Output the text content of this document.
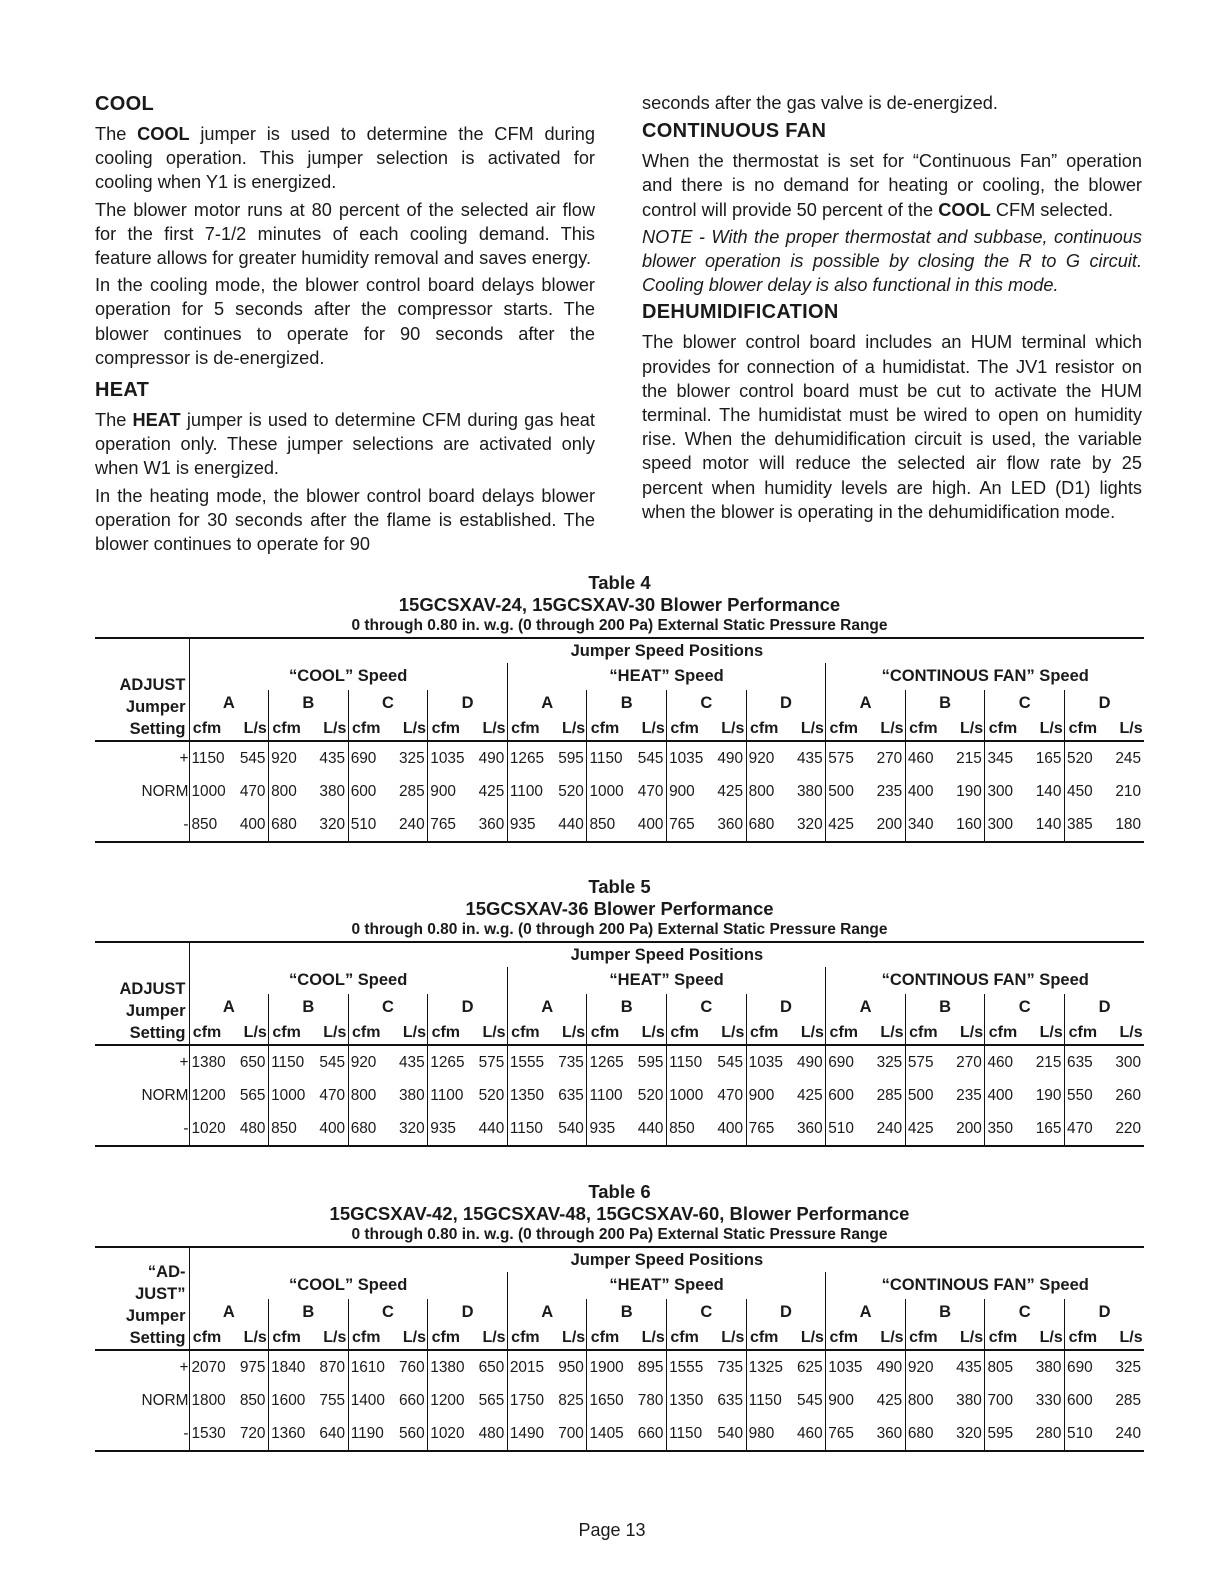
COOL

The COOL jumper is used to determine the CFM during cooling operation. This jumper selection is activated for cooling when Y1 is energized.

The blower motor runs at 80 percent of the selected air flow for the first 7-1/2 minutes of each cooling demand. This feature allows for greater humidity removal and saves energy.

In the cooling mode, the blower control board delays blower operation for 5 seconds after the compressor starts. The blower continues to operate for 90 seconds after the compressor is de-energized.

HEAT

The HEAT jumper is used to determine CFM during gas heat operation only. These jumper selections are activated only when W1 is energized.

In the heating mode, the blower control board delays blower operation for 30 seconds after the flame is established. The blower continues to operate for 90

seconds after the gas valve is de-energized.

CONTINUOUS FAN

When the thermostat is set for “Continuous Fan” operation and there is no demand for heating or cooling, the blower control will provide 50 percent of the COOL CFM selected.

NOTE - With the proper thermostat and subbase, continuous blower operation is possible by closing the R to G circuit. Cooling blower delay is also functional in this mode.

DEHUMIDIFICATION

The blower control board includes an HUM terminal which provides for connection of a humidistat. The JV1 resistor on the blower control board must be cut to activate the HUM terminal. The humidistat must be wired to open on humidity rise. When the dehumidification circuit is used, the variable speed motor will reduce the selected air flow rate by 25 percent when humidity levels are high. An LED (D1) lights when the blower is operating in the dehumidification mode.

Table 4
15GCSXAV-24, 15GCSXAV-30 Blower Performance
0 through 0.80 in. w.g. (0 through 200 Pa) External Static Pressure Range
ADJUST
Jumper
Setting	Jumper Speed Positions											
	“COOL” Speed				“HEAT” Speed				“CONTINOUS FAN” Speed			
	A	B	C	D	A	B	C	D	A	B	C	D
	cfm L/s	cfm L/s	cfm L/s	cfm L/s	cfm L/s	cfm L/s	cfm L/s	cfm L/s	cfm L/s	cfm L/s	cfm L/s	cfm L/s
+	1150 545	920 435	690 325	1035 490	1265 595	1150 545	1035 490	920 435	575 270	460 215	345 165	520 245
NORM	1000 470	800 380	600 285	900 425	1100 520	1000 470	900 425	800 380	500 235	400 190	300 140	450 210
-	850 400	680 320	510 240	765 360	935 440	850 400	765 360	680 320	425 200	340 160	300 140	385 180
Table 5
15GCSXAV-36 Blower Performance
0 through 0.80 in. w.g. (0 through 200 Pa) External Static Pressure Range
ADJUST
Jumper
Setting	Jumper Speed Positions											
	“COOL” Speed				“HEAT” Speed				“CONTINOUS FAN” Speed			
	A	B	C	D	A	B	C	D	A	B	C	D
	cfm L/s	cfm L/s	cfm L/s	cfm L/s	cfm L/s	cfm L/s	cfm L/s	cfm L/s	cfm L/s	cfm L/s	cfm L/s	cfm L/s
+	1380 650	1150 545	920 435	1265 575	1555 735	1265 595	1150 545	1035 490	690 325	575 270	460 215	635 300
NORM	1200 565	1000 470	800 380	1100 520	1350 635	1100 520	1000 470	900 425	600 285	500 235	400 190	550 260
-	1020 480	850 400	680 320	935 440	1150 540	935 440	850 400	765 360	510 240	425 200	350 165	470 220
Table 6
15GCSXAV-42, 15GCSXAV-48, 15GCSXAV-60, Blower Performance
0 through 0.80 in. w.g. (0 through 200 Pa) External Static Pressure Range
“AD-
JUST”
Jumper
Setting	Jumper Speed Positions											
	“COOL” Speed				“HEAT” Speed				“CONTINOUS FAN” Speed			
	A	B	C	D	A	B	C	D	A	B	C	D
	cfm L/s	cfm L/s	cfm L/s	cfm L/s	cfm L/s	cfm L/s	cfm L/s	cfm L/s	cfm L/s	cfm L/s	cfm L/s	cfm L/s
+	2070 975	1840 870	1610 760	1380 650	2015 950	1900 895	1555 735	1325 625	1035 490	920 435	805 380	690 325
NORM	1800 850	1600 755	1400 660	1200 565	1750 825	1650 780	1350 635	1150 545	900 425	800 380	700 330	600 285
-	1530 720	1360 640	1190 560	1020 480	1490 700	1405 660	1150 540	980 460	765 360	680 320	595 280	510 240
Page 13
